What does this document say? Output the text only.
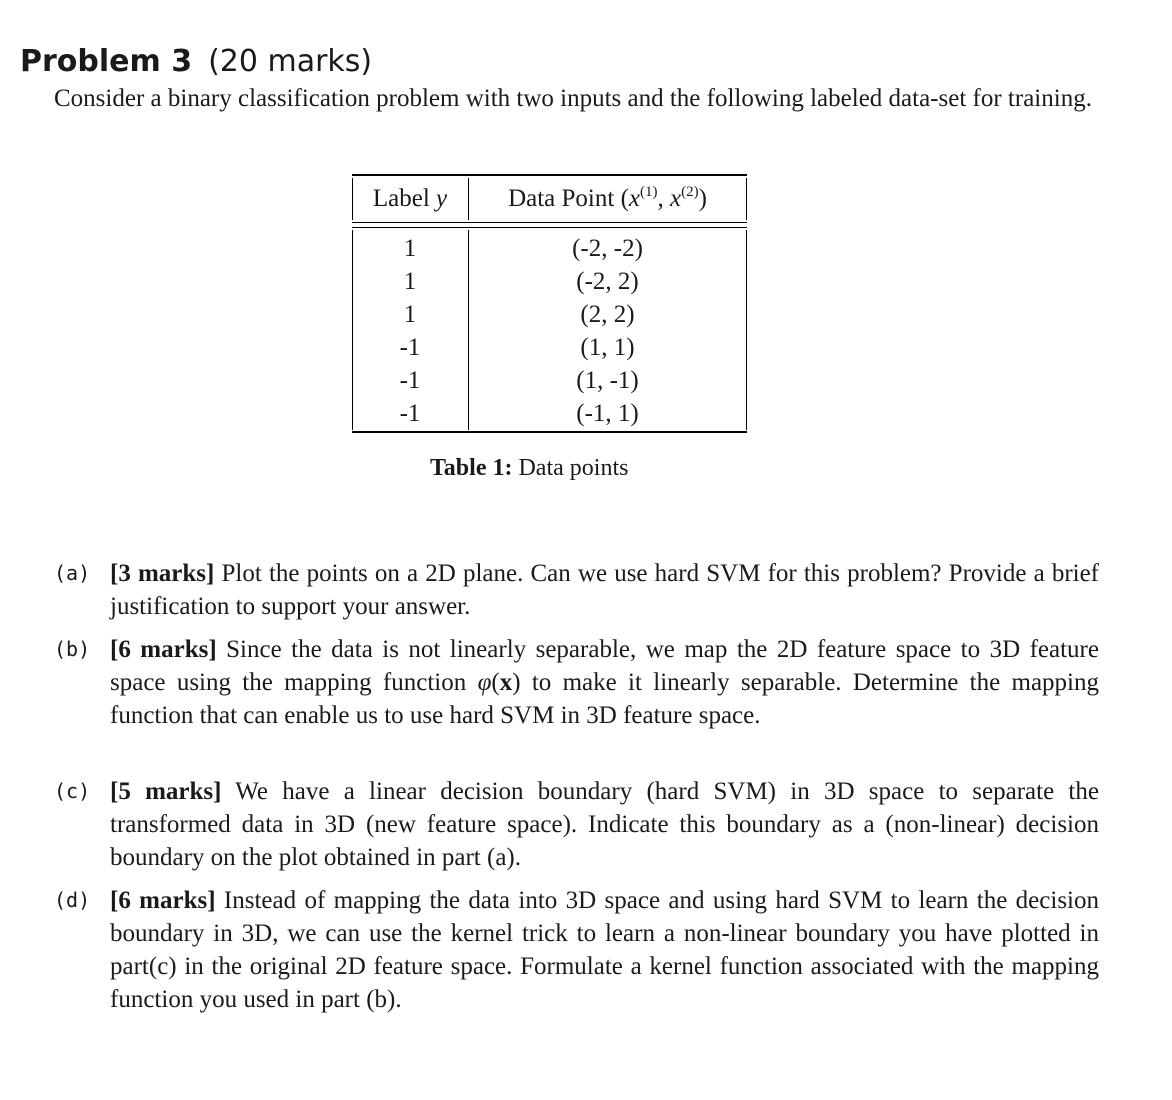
Problem 3 (20 marks)
Consider a binary classification problem with two inputs and the following labeled data-set for training.
Label y	Data Point ($x^{(1)}$, $x^{(2)}$)
1	(-2, -2)
1	(-2, 2)
1	(2, 2)
-1	(1, 1)
-1	(1, -1)
-1	(-1, 1)
Table 1: Data points
(a) [3 marks] Plot the points on a 2D plane. Can we use hard SVM for this problem? Provide a brief justification to support your answer.
(b) [6 marks] Since the data is not linearly separable, we map the 2D feature space to 3D feature space using the mapping function φ(x) to make it linearly separable. Determine the mapping function that can enable us to use hard SVM in 3D feature space.
(c) [5 marks] We have a linear decision boundary (hard SVM) in 3D space to separate the transformed data in 3D (new feature space). Indicate this boundary as a (non-linear) decision boundary on the plot obtained in part (a).
(d) [6 marks] Instead of mapping the data into 3D space and using hard SVM to learn the decision boundary in 3D, we can use the kernel trick to learn a non-linear boundary you have plotted in part(c) in the original 2D feature space. Formulate a kernel function associated with the mapping function you used in part (b).
